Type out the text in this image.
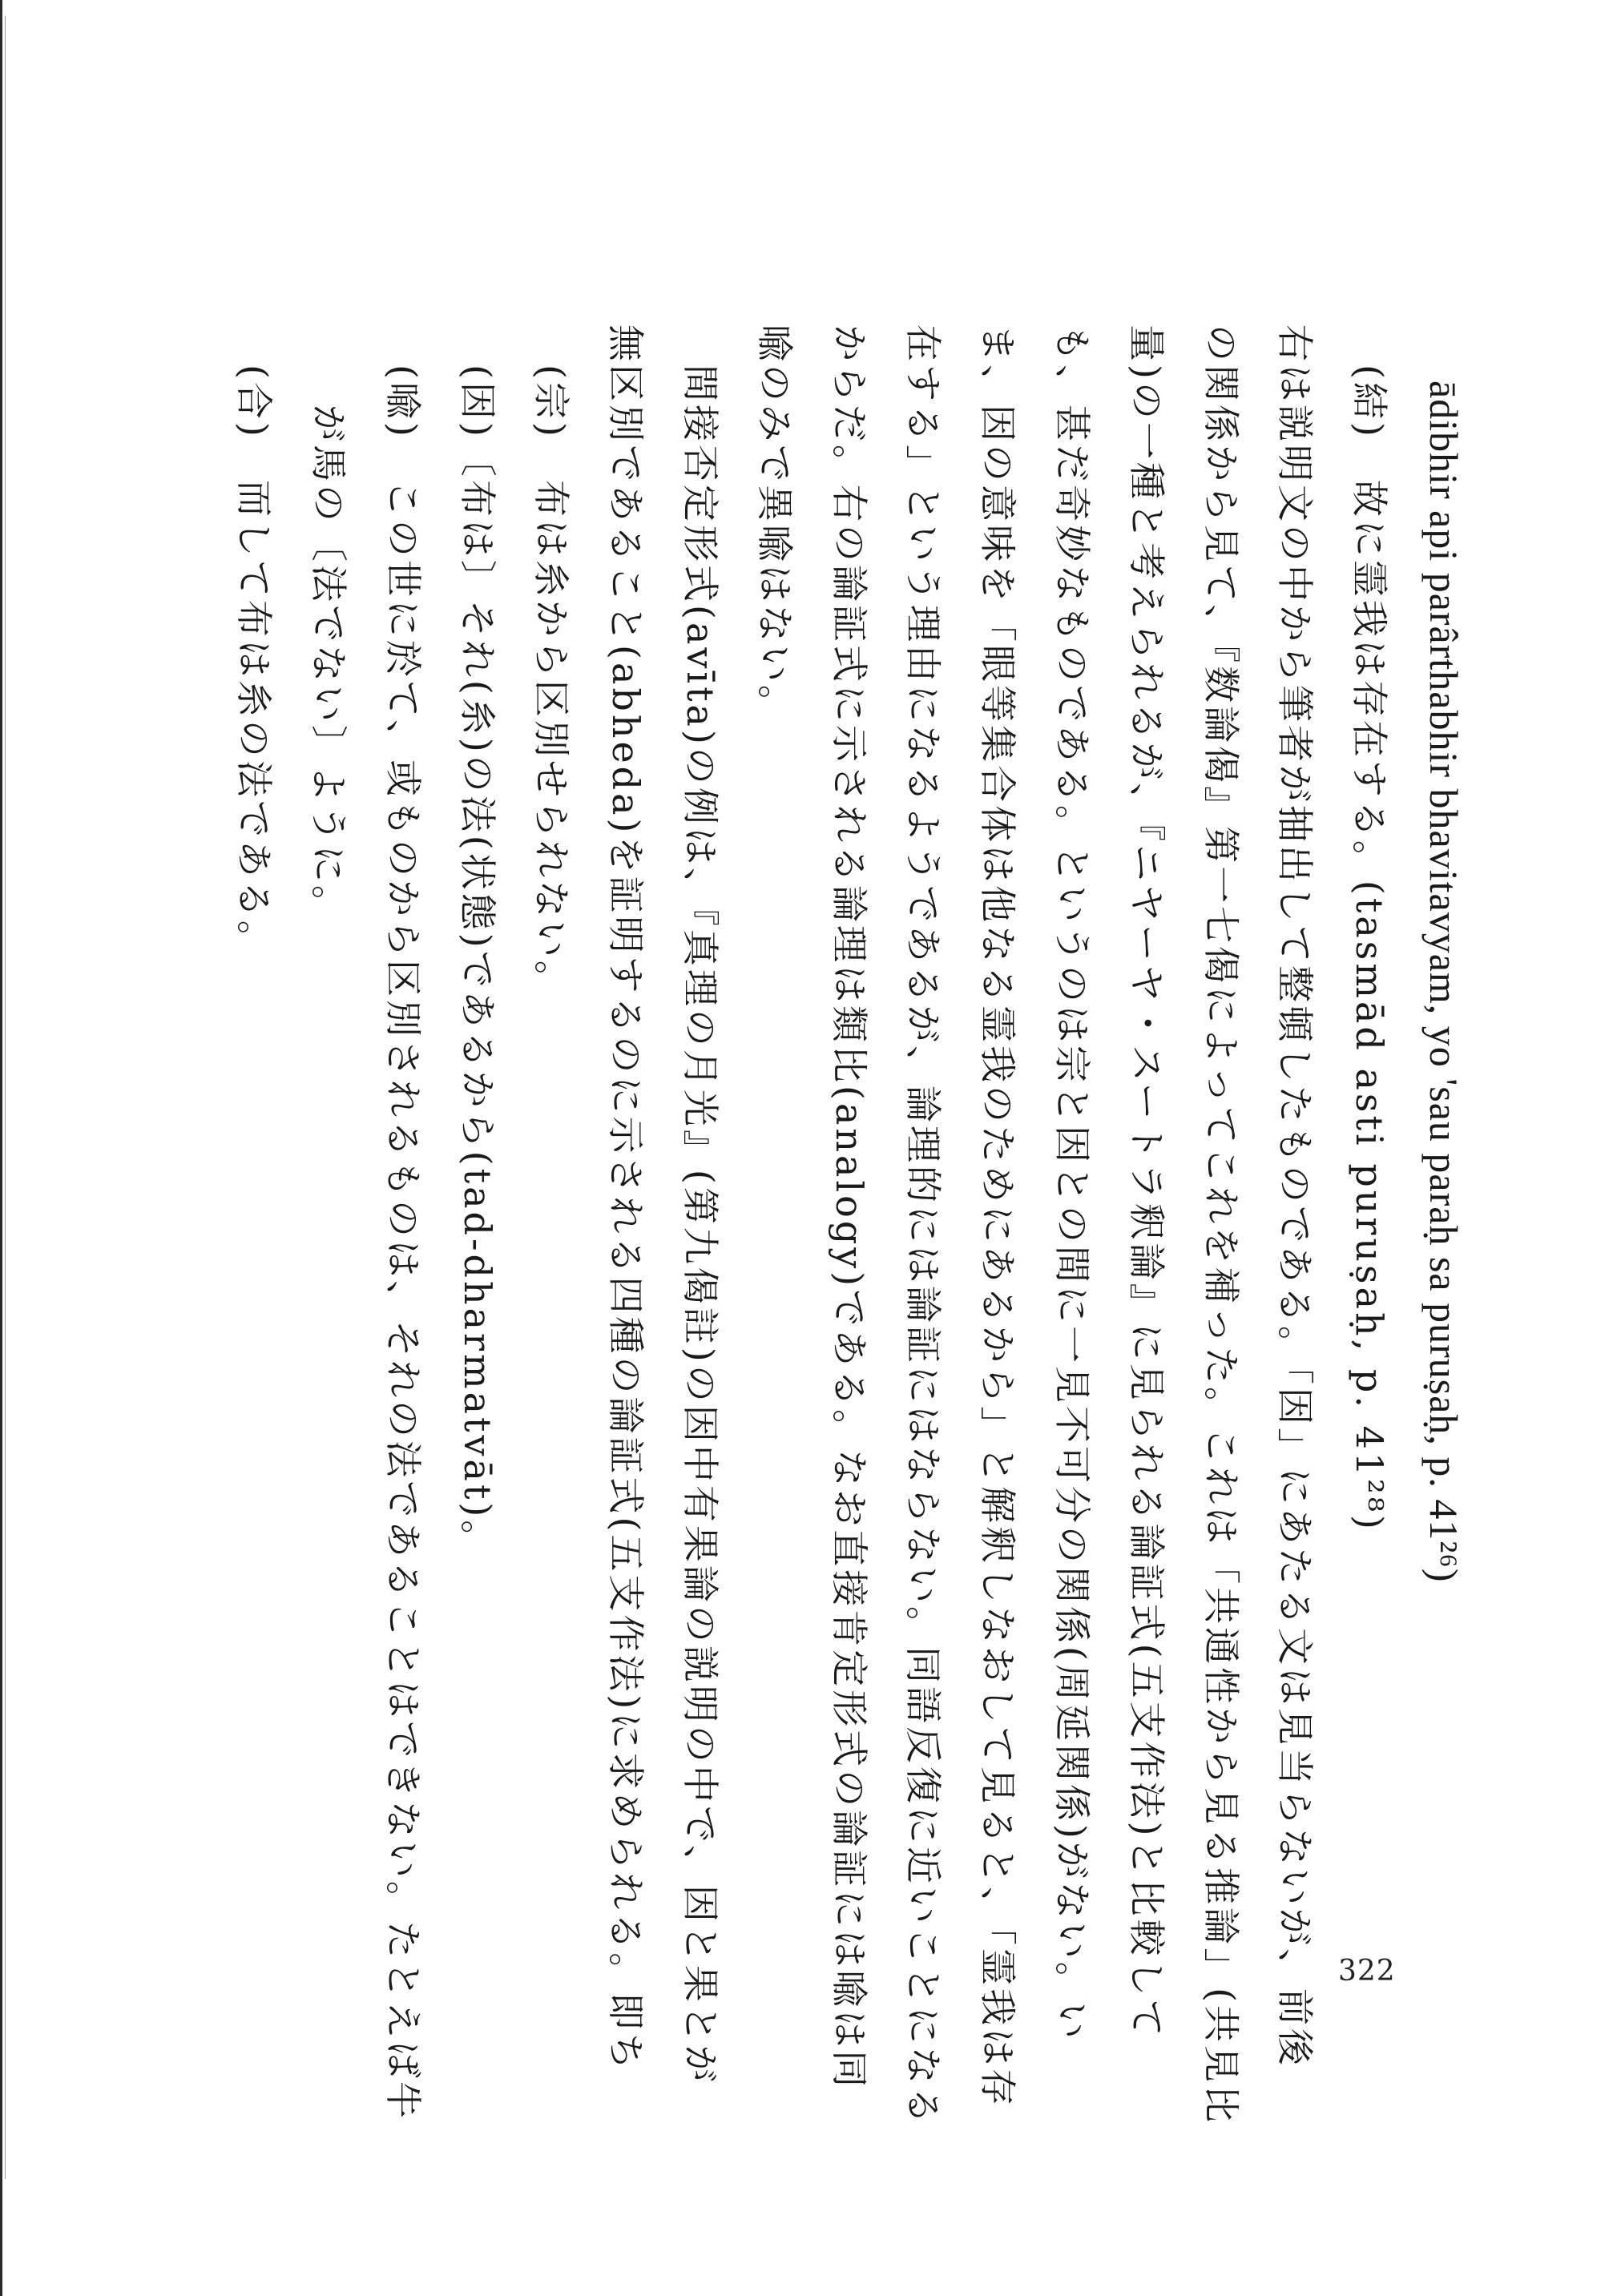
ādibhir api parârthabhir bhavitavyam, yo 'sau paraḥ sa puruṣaḥ, p. 41²⁶)
(結)　故に霊我は存在する。(tasmād asti puruṣaḥ, p. 41²⁸)
右は説明文の中から筆者が抽出して整頓したものである。「因」にあたる文は見当らないが、前後
の関係から見て、『数論偈』第一七偈によってこれを補った。これは「共通性から見る推論」(共見比
量)の一種と考えられるが、『ニヤーヤ・スートラ釈論』に見られる論証式(五支作法)と比較して
も、甚だ奇妙なものである。というのは宗と因との間に一見不可分の関係(周延関係)がない。い
ま、因の意味を「眼等集合体は他なる霊我のためにあるから」と解釈しなおして見ると、「霊我は存
在する」という理由になるようであるが、論理的には論証にはならない。同語反復に近いことになる
からだ。右の論証式に示される論理は類比(analogy)である。なお直接肯定形式の論証には喩は同
喩のみで異喩はない。
間接否定形式(avīta)の例は、『真理の月光』(第九偈註)の因中有果論の説明の中で、因と果とが
無区別であること(abheda)を証明するのに示される四種の論証式(五支作法)に求められる。即ち
(宗)　布は糸から区別せられない。
(因)〔布は〕それ(糸)の法(状態)であるから(tad-dharmatvāt)。
(喩)　この世に於て、或ものから区別されるものは、それの法であることはできない。たとえば牛
が馬の〔法でない〕ように。
(合)　而して布は糸の法である。
322
